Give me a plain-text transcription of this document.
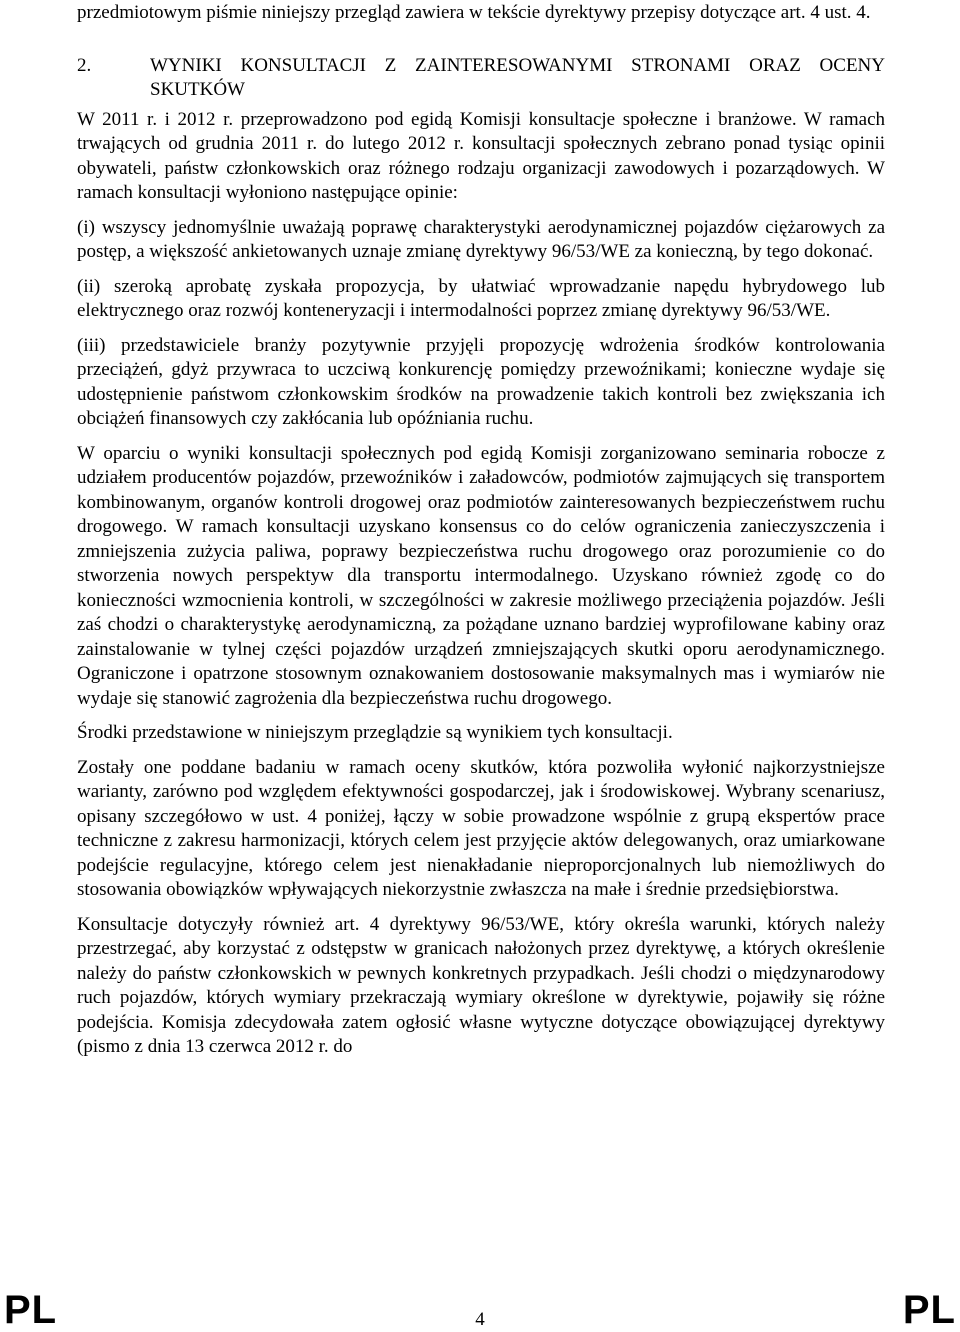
przedmiotowym piśmie niniejszy przegląd zawiera w tekście dyrektywy przepisy dotyczące art. 4 ust. 4.

2.	WYNIKI KONSULTACJI Z ZAINTERESOWANYMI STRONAMI ORAZ OCENY SKUTKÓW

W 2011 r. i 2012 r. przeprowadzono pod egidą Komisji konsultacje społeczne i branżowe. W ramach trwających od grudnia 2011 r. do lutego 2012 r. konsultacji społecznych zebrano ponad tysiąc opinii obywateli, państw członkowskich oraz różnego rodzaju organizacji zawodowych i pozarządowych. W ramach konsultacji wyłoniono następujące opinie:

(i) wszyscy jednomyślnie uważają poprawę charakterystyki aerodynamicznej pojazdów ciężarowych za postęp, a większość ankietowanych uznaje zmianę dyrektywy 96/53/WE za konieczną, by tego dokonać.

(ii) szeroką aprobatę zyskała propozycja, by ułatwiać wprowadzanie napędu hybrydowego lub elektrycznego oraz rozwój konteneryzacji i intermodalności poprzez zmianę dyrektywy 96/53/WE.

(iii) przedstawiciele branży pozytywnie przyjęli propozycję wdrożenia środków kontrolowania przeciążeń, gdyż przywraca to uczciwą konkurencję pomiędzy przewoźnikami; konieczne wydaje się udostępnienie państwom członkowskim środków na prowadzenie takich kontroli bez zwiększania ich obciążeń finansowych czy zakłócania lub opóźniania ruchu.

W oparciu o wyniki konsultacji społecznych pod egidą Komisji zorganizowano seminaria robocze z udziałem producentów pojazdów, przewoźników i załadowców, podmiotów zajmujących się transportem kombinowanym, organów kontroli drogowej oraz podmiotów zainteresowanych bezpieczeństwem ruchu drogowego. W ramach konsultacji uzyskano konsensus co do celów ograniczenia zanieczyszczenia i zmniejszenia zużycia paliwa, poprawy bezpieczeństwa ruchu drogowego oraz porozumienie co do stworzenia nowych perspektyw dla transportu intermodalnego. Uzyskano również zgodę co do konieczności wzmocnienia kontroli, w szczególności w zakresie możliwego przeciążenia pojazdów. Jeśli zaś chodzi o charakterystykę aerodynamiczną, za pożądane uznano bardziej wyprofilowane kabiny oraz zainstalowanie w tylnej części pojazdów urządzeń zmniejszających skutki oporu aerodynamicznego. Ograniczone i opatrzone stosownym oznakowaniem dostosowanie maksymalnych mas i wymiarów nie wydaje się stanowić zagrożenia dla bezpieczeństwa ruchu drogowego.

Środki przedstawione w niniejszym przeglądzie są wynikiem tych konsultacji.

Zostały one poddane badaniu w ramach oceny skutków, która pozwoliła wyłonić najkorzystniejsze warianty, zarówno pod względem efektywności gospodarczej, jak i środowiskowej. Wybrany scenariusz, opisany szczegółowo w ust. 4 poniżej, łączy w sobie prowadzone wspólnie z grupą ekspertów prace techniczne z zakresu harmonizacji, których celem jest przyjęcie aktów delegowanych, oraz umiarkowane podejście regulacyjne, którego celem jest nienakładanie nieproporcjonalnych lub niemożliwych do stosowania obowiązków wpływających niekorzystnie zwłaszcza na małe i średnie przedsiębiorstwa.

Konsultacje dotyczyły również art. 4 dyrektywy 96/53/WE, który określa warunki, których należy przestrzegać, aby korzystać z odstępstw w granicach nałożonych przez dyrektywę, a których określenie należy do państw członkowskich w pewnych konkretnych przypadkach. Jeśli chodzi o międzynarodowy ruch pojazdów, których wymiary przekraczają wymiary określone w dyrektywie, pojawiły się różne podejścia. Komisja zdecydowała zatem ogłosić własne wytyczne dotyczące obowiązującej dyrektywy (pismo z dnia 13 czerwca 2012 r. do

PL	4	PL
